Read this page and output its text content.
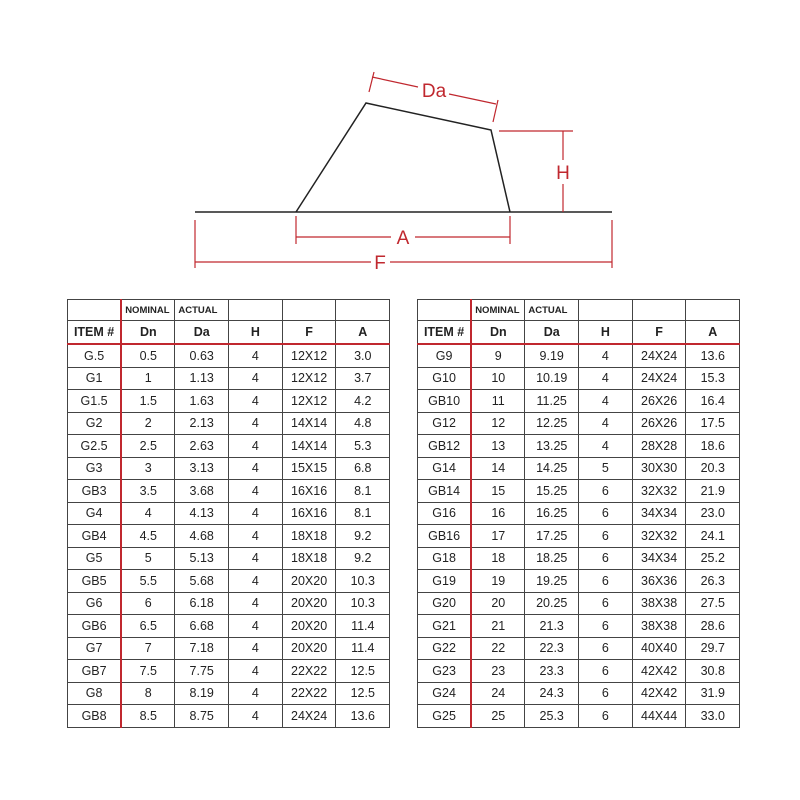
Da
H
A
F
	NOMINAL	ACTUAL			
ITEM #	Dn	Da	H	F	A
G.5	0.5	0.63	4	12X12	3.0
G1	1	1.13	4	12X12	3.7
G1.5	1.5	1.63	4	12X12	4.2
G2	2	2.13	4	14X14	4.8
G2.5	2.5	2.63	4	14X14	5.3
G3	3	3.13	4	15X15	6.8
GB3	3.5	3.68	4	16X16	8.1
G4	4	4.13	4	16X16	8.1
GB4	4.5	4.68	4	18X18	9.2
G5	5	5.13	4	18X18	9.2
GB5	5.5	5.68	4	20X20	10.3
G6	6	6.18	4	20X20	10.3
GB6	6.5	6.68	4	20X20	11.4
G7	7	7.18	4	20X20	11.4
GB7	7.5	7.75	4	22X22	12.5
G8	8	8.19	4	22X22	12.5
GB8	8.5	8.75	4	24X24	13.6
	NOMINAL	ACTUAL			
ITEM #	Dn	Da	H	F	A
G9	9	9.19	4	24X24	13.6
G10	10	10.19	4	24X24	15.3
GB10	11	11.25	4	26X26	16.4
G12	12	12.25	4	26X26	17.5
GB12	13	13.25	4	28X28	18.6
G14	14	14.25	5	30X30	20.3
GB14	15	15.25	6	32X32	21.9
G16	16	16.25	6	34X34	23.0
GB16	17	17.25	6	32X32	24.1
G18	18	18.25	6	34X34	25.2
G19	19	19.25	6	36X36	26.3
G20	20	20.25	6	38X38	27.5
G21	21	21.3	6	38X38	28.6
G22	22	22.3	6	40X40	29.7
G23	23	23.3	6	42X42	30.8
G24	24	24.3	6	42X42	31.9
G25	25	25.3	6	44X44	33.0
